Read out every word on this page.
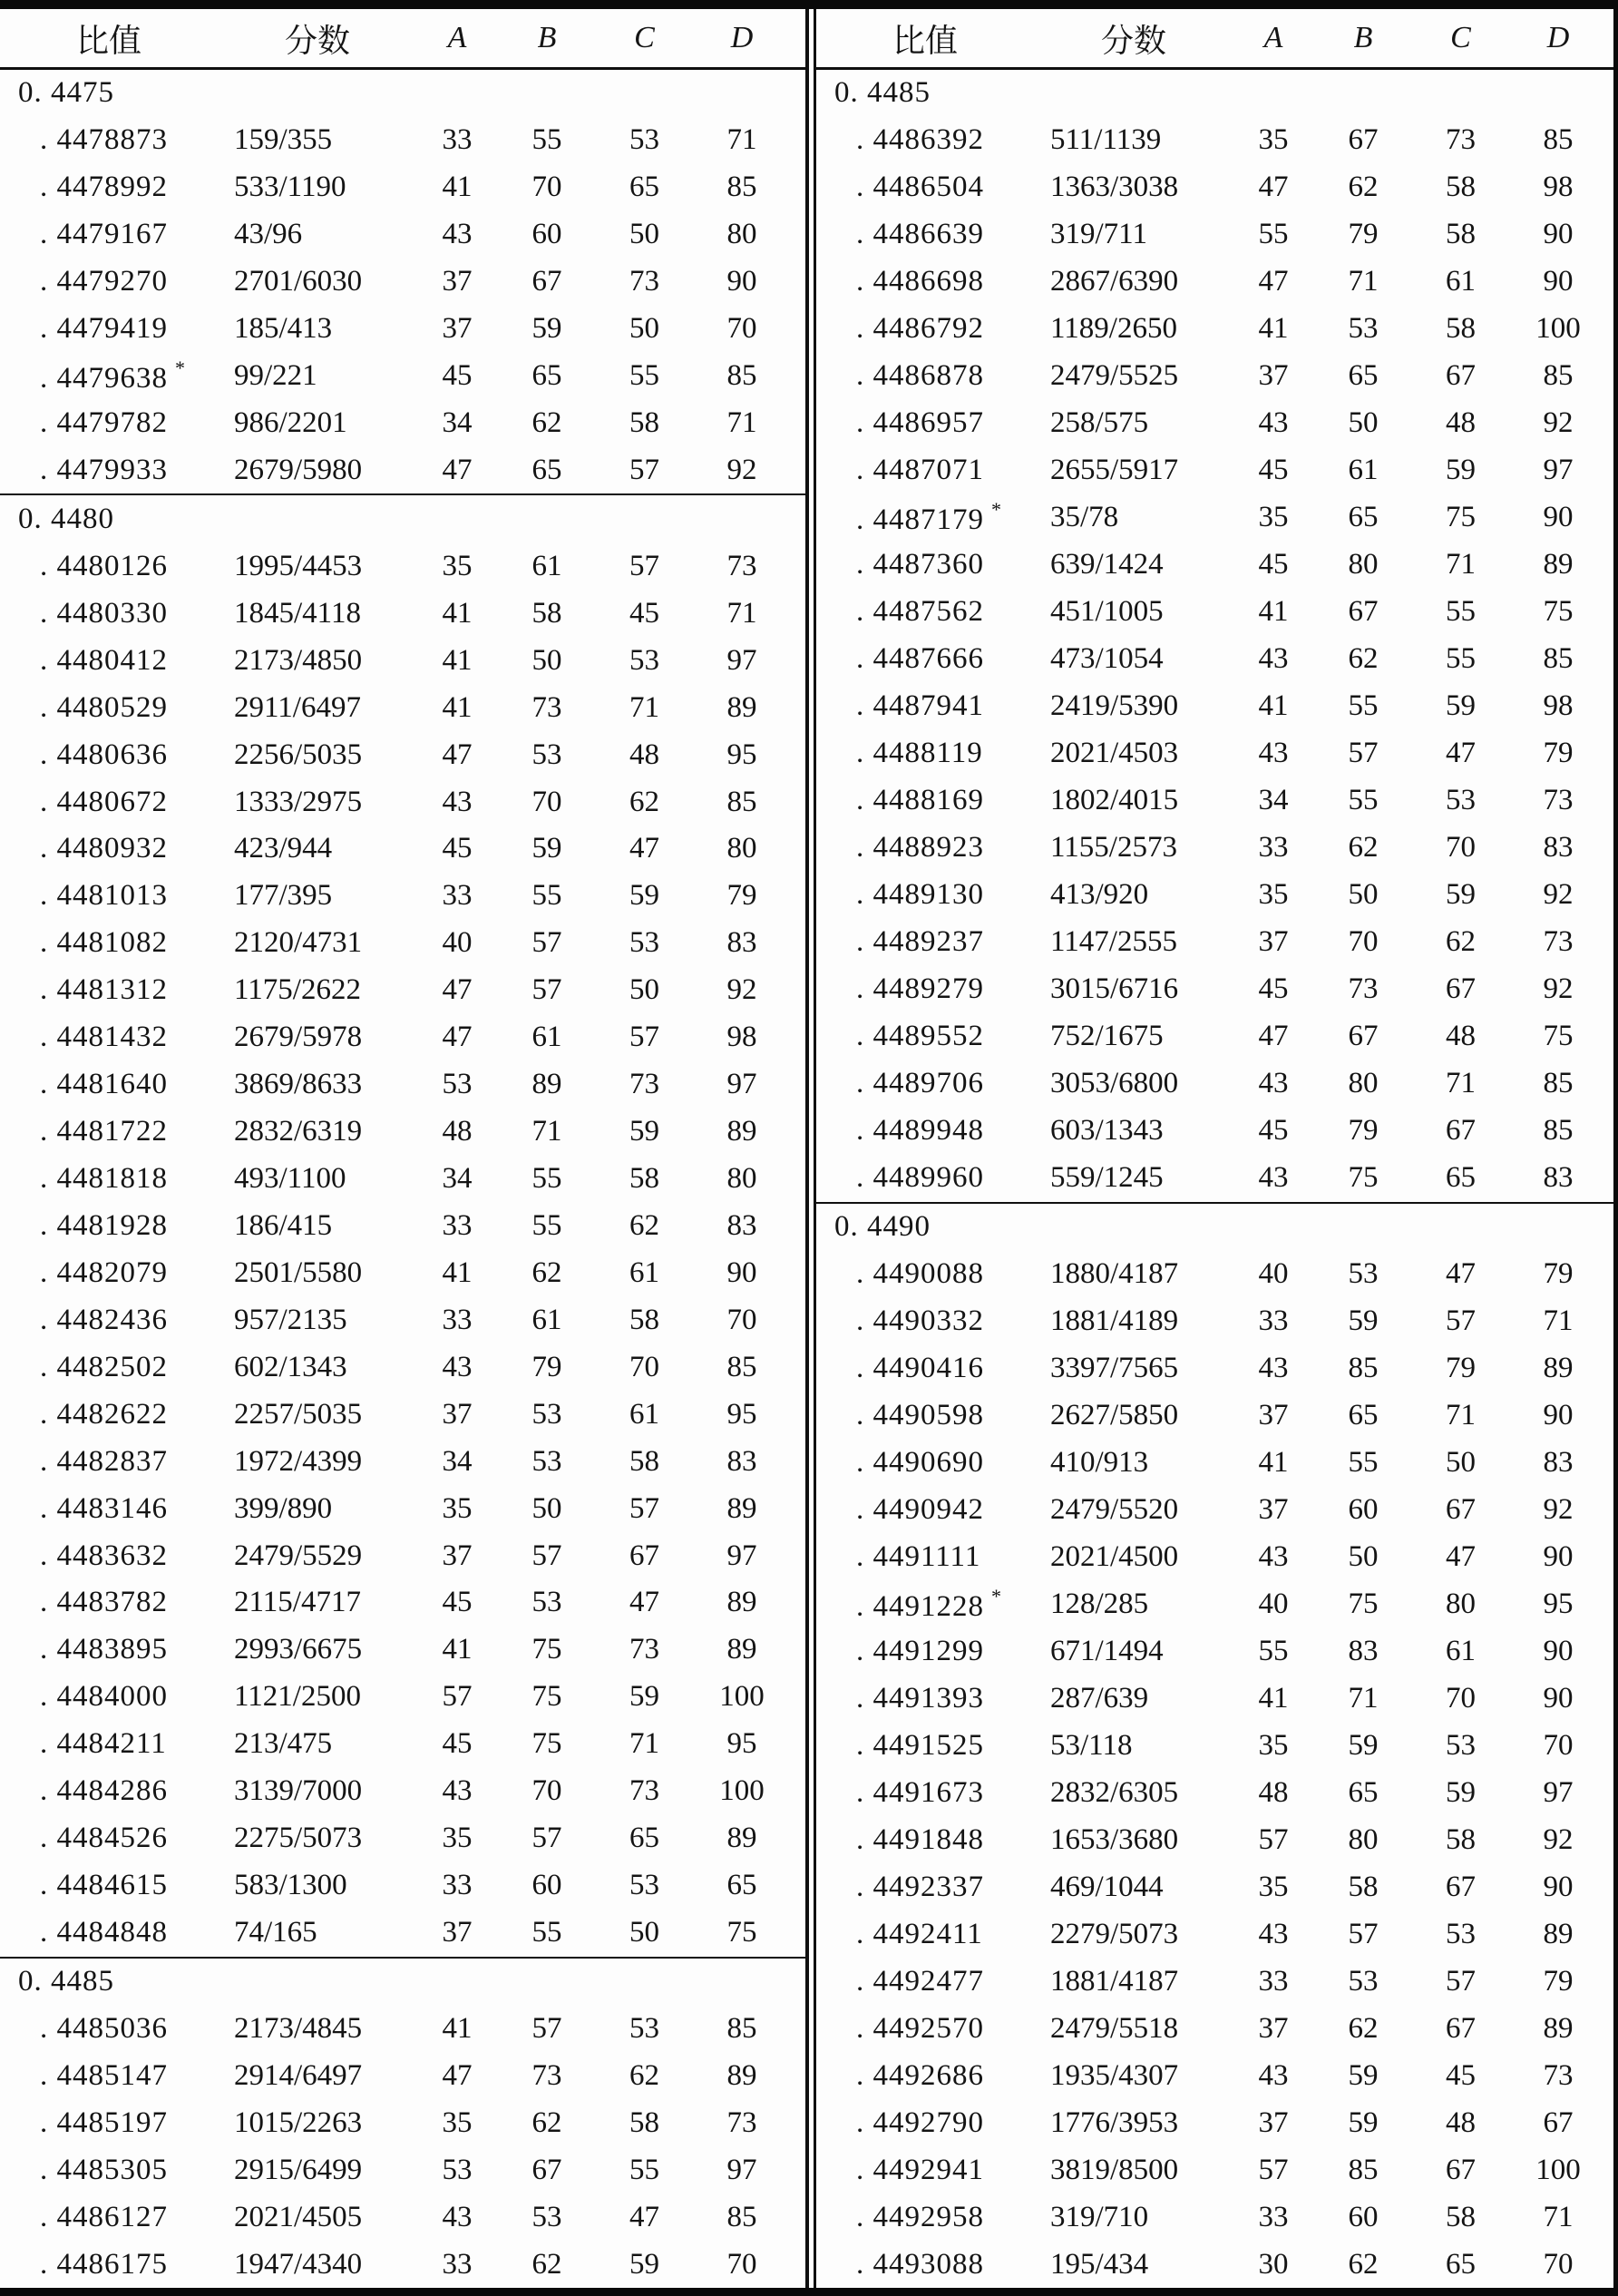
比值	分数	A	B	C	D
0. 4475
. 4478873	159/355	33	55	53	71
. 4478992	533/1190	41	70	65	85
. 4479167	43/96	43	60	50	80
. 4479270	2701/6030	37	67	73	90
. 4479419	185/413	37	59	50	70
. 4479638 *	99/221	45	65	55	85
. 4479782	986/2201	34	62	58	71
. 4479933	2679/5980	47	65	57	92
0. 4480
. 4480126	1995/4453	35	61	57	73
. 4480330	1845/4118	41	58	45	71
. 4480412	2173/4850	41	50	53	97
. 4480529	2911/6497	41	73	71	89
. 4480636	2256/5035	47	53	48	95
. 4480672	1333/2975	43	70	62	85
. 4480932	423/944	45	59	47	80
. 4481013	177/395	33	55	59	79
. 4481082	2120/4731	40	57	53	83
. 4481312	1175/2622	47	57	50	92
. 4481432	2679/5978	47	61	57	98
. 4481640	3869/8633	53	89	73	97
. 4481722	2832/6319	48	71	59	89
. 4481818	493/1100	34	55	58	80
. 4481928	186/415	33	55	62	83
. 4482079	2501/5580	41	62	61	90
. 4482436	957/2135	33	61	58	70
. 4482502	602/1343	43	79	70	85
. 4482622	2257/5035	37	53	61	95
. 4482837	1972/4399	34	53	58	83
. 4483146	399/890	35	50	57	89
. 4483632	2479/5529	37	57	67	97
. 4483782	2115/4717	45	53	47	89
. 4483895	2993/6675	41	75	73	89
. 4484000	1121/2500	57	75	59	100
. 4484211	213/475	45	75	71	95
. 4484286	3139/7000	43	70	73	100
. 4484526	2275/5073	35	57	65	89
. 4484615	583/1300	33	60	53	65
. 4484848	74/165	37	55	50	75
0. 4485
. 4485036	2173/4845	41	57	53	85
. 4485147	2914/6497	47	73	62	89
. 4485197	1015/2263	35	62	58	73
. 4485305	2915/6499	53	67	55	97
. 4486127	2021/4505	43	53	47	85
. 4486175	1947/4340	33	62	59	70
比值	分数	A	B	C	D
0. 4485
. 4486392	511/1139	35	67	73	85
. 4486504	1363/3038	47	62	58	98
. 4486639	319/711	55	79	58	90
. 4486698	2867/6390	47	71	61	90
. 4486792	1189/2650	41	53	58	100
. 4486878	2479/5525	37	65	67	85
. 4486957	258/575	43	50	48	92
. 4487071	2655/5917	45	61	59	97
. 4487179 *	35/78	35	65	75	90
. 4487360	639/1424	45	80	71	89
. 4487562	451/1005	41	67	55	75
. 4487666	473/1054	43	62	55	85
. 4487941	2419/5390	41	55	59	98
. 4488119	2021/4503	43	57	47	79
. 4488169	1802/4015	34	55	53	73
. 4488923	1155/2573	33	62	70	83
. 4489130	413/920	35	50	59	92
. 4489237	1147/2555	37	70	62	73
. 4489279	3015/6716	45	73	67	92
. 4489552	752/1675	47	67	48	75
. 4489706	3053/6800	43	80	71	85
. 4489948	603/1343	45	79	67	85
. 4489960	559/1245	43	75	65	83
0. 4490
. 4490088	1880/4187	40	53	47	79
. 4490332	1881/4189	33	59	57	71
. 4490416	3397/7565	43	85	79	89
. 4490598	2627/5850	37	65	71	90
. 4490690	410/913	41	55	50	83
. 4490942	2479/5520	37	60	67	92
. 4491111	2021/4500	43	50	47	90
. 4491228 *	128/285	40	75	80	95
. 4491299	671/1494	55	83	61	90
. 4491393	287/639	41	71	70	90
. 4491525	53/118	35	59	53	70
. 4491673	2832/6305	48	65	59	97
. 4491848	1653/3680	57	80	58	92
. 4492337	469/1044	35	58	67	90
. 4492411	2279/5073	43	57	53	89
. 4492477	1881/4187	33	53	57	79
. 4492570	2479/5518	37	62	67	89
. 4492686	1935/4307	43	59	45	73
. 4492790	1776/3953	37	59	48	67
. 4492941	3819/8500	57	85	67	100
. 4492958	319/710	33	60	58	71
. 4493088	195/434	30	62	65	70
